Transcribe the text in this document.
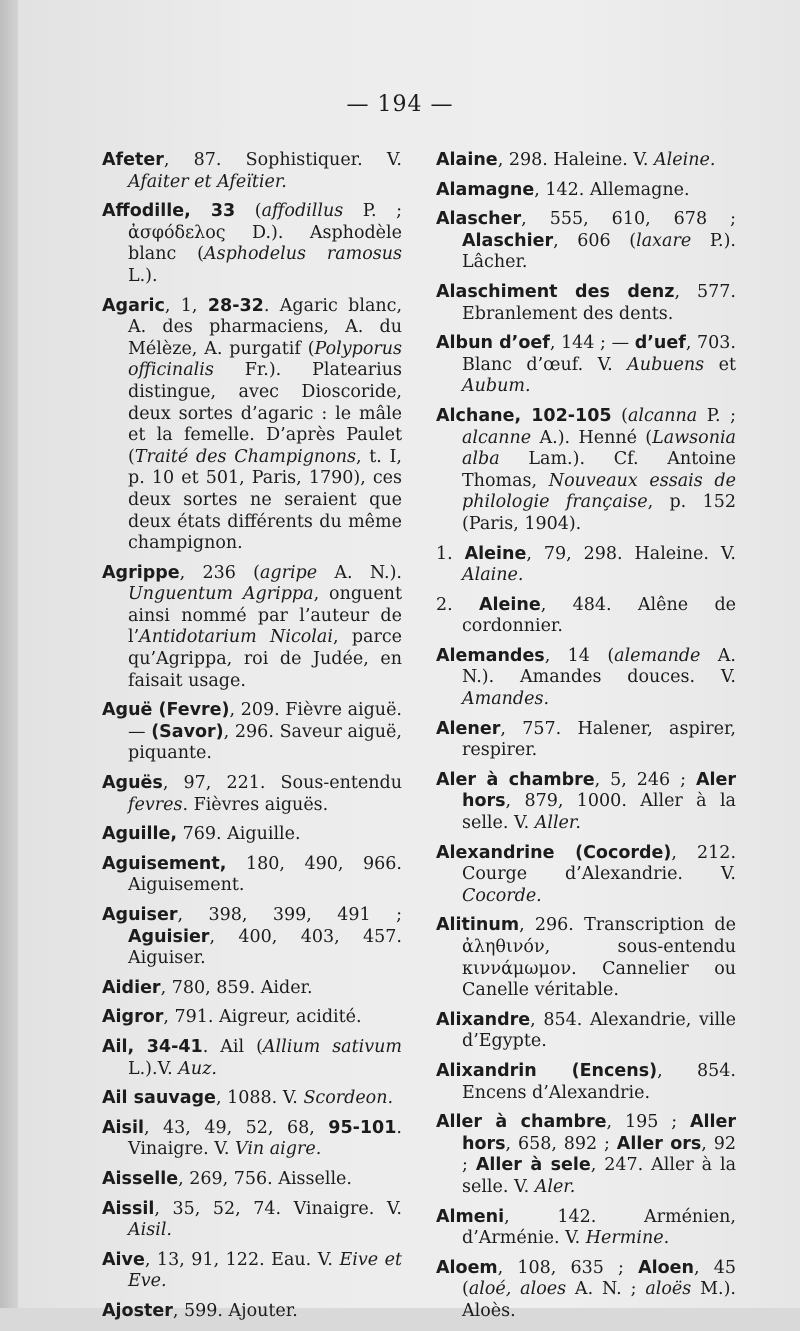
— 194 —

Afeter, 87. Sophistiquer. V. Afaiter et Afeïtier.

Affodille, 33 (affodillus P. ; ἀσφόδελος D.). Asphodèle blanc (Asphodelus ramosus L.).

Agaric, 1, 28-32. Agaric blanc, A. des pharmaciens, A. du Mélèze, A. purgatif (Polyporus officinalis Fr.). Platearius distingue, avec Dioscoride, deux sortes d’agaric : le mâle et la femelle. D’après Paulet (Traité des Champignons, t. I, p. 10 et 501, Paris, 1790), ces deux sortes ne seraient que deux états différents du même champignon.

Agrippe, 236 (agripe A. N.). Unguentum Agrippa, onguent ainsi nommé par l’auteur de l’Antidotarium Nicolai, parce qu’Agrippa, roi de Judée, en faisait usage.

Aguë (Fevre), 209. Fièvre aiguë. — (Savor), 296. Saveur aiguë, piquante.

Aguës, 97, 221. Sous-entendu fevres. Fièvres aiguës.

Aguille, 769. Aiguille.

Aguisement, 180, 490, 966. Aiguisement.

Aguiser, 398, 399, 491 ; Aguisier, 400, 403, 457. Aiguiser.

Aidier, 780, 859. Aider.

Aigror, 791. Aigreur, acidité.

Ail, 34-41. Ail (Allium sativum L.).V. Auz.

Ail sauvage, 1088. V. Scordeon.

Aisil, 43, 49, 52, 68, 95-101. Vinaigre. V. Vin aigre.

Aisselle, 269, 756. Aisselle.

Aissil, 35, 52, 74. Vinaigre. V. Aisil.

Aive, 13, 91, 122. Eau. V. Eive et Eve.

Ajoster, 599. Ajouter.

Alaine, 298. Haleine. V. Aleine.

Alamagne, 142. Allemagne.

Alascher, 555, 610, 678 ; Alaschier, 606 (laxare P.). Lâcher.

Alaschiment des denz, 577. Ebranlement des dents.

Albun d’oef, 144 ; — d’uef, 703. Blanc d’œuf. V. Aubuens et Aubum.

Alchane, 102-105 (alcanna P. ; alcanne A.). Henné (Lawsonia alba Lam.). Cf. Antoine Thomas, Nouveaux essais de philologie française, p. 152 (Paris, 1904).

1. Aleine, 79, 298. Haleine. V. Alaine.

2. Aleine, 484. Alêne de cordonnier.

Alemandes, 14 (alemande A. N.). Amandes douces. V. Amandes.

Alener, 757. Halener, aspirer, respirer.

Aler à chambre, 5, 246 ; Aler hors, 879, 1000. Aller à la selle. V. Aller.

Alexandrine (Cocorde), 212. Courge d’Alexandrie. V. Cocorde.

Alitinum, 296. Transcription de ἀληθινόν, sous-entendu κιννάμωμον. Cannelier ou Canelle véritable.

Alixandre, 854. Alexandrie, ville d’Egypte.

Alixandrin (Encens), 854. Encens d’Alexandrie.

Aller à chambre, 195 ; Aller hors, 658, 892 ; Aller ors, 92 ; Aller à sele, 247. Aller à la selle. V. Aler.

Almeni, 142. Arménien, d’Arménie. V. Hermine.

Aloem, 108, 635 ; Aloen, 45 (aloé, aloes A. N. ; aloës M.). Aloès.
